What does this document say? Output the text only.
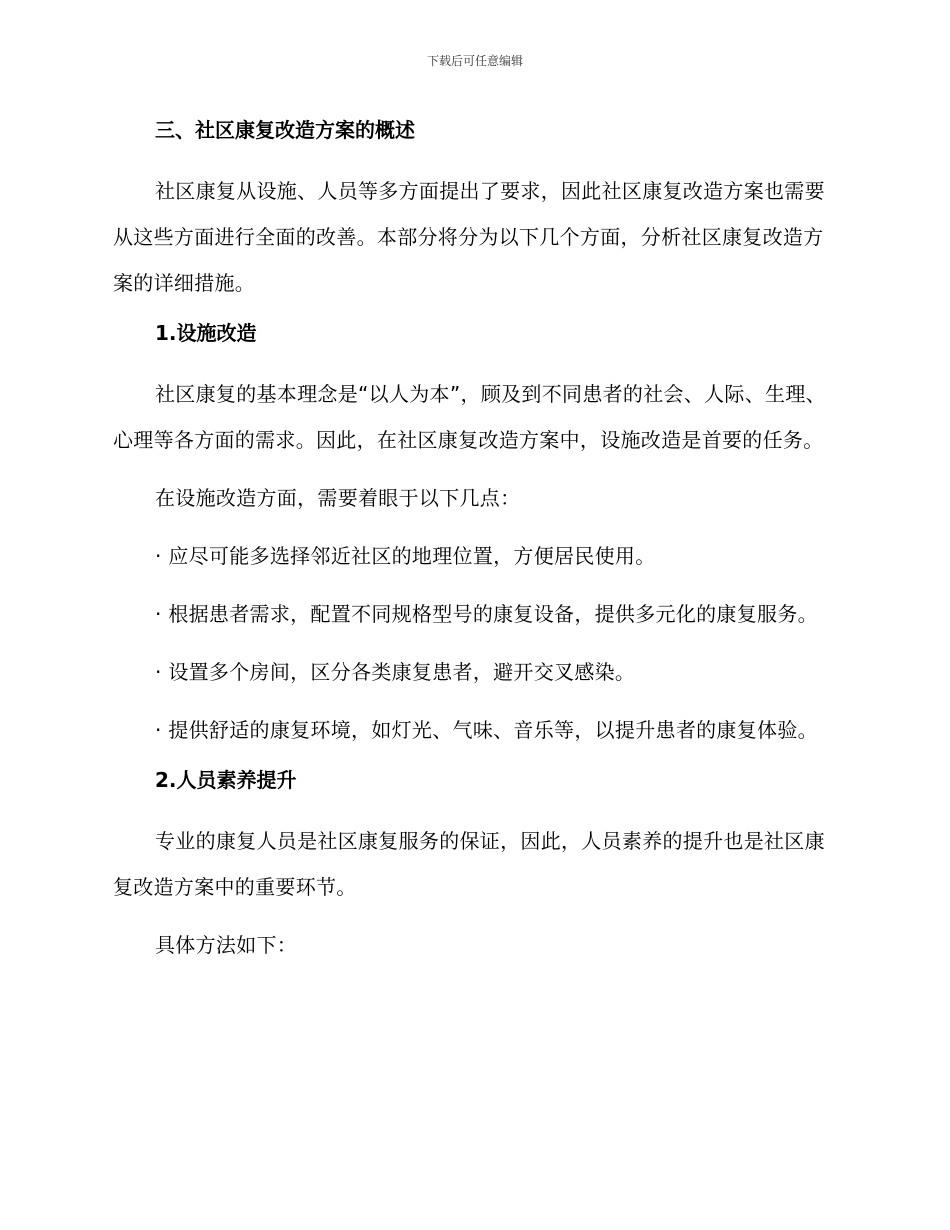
下载后可任意编辑
三、社区康复改造方案的概述
社区康复从设施、人员等多方面提出了要求，因此社区康复改造方案也需要从这些方面进行全面的改善。本部分将分为以下几个方面，分析社区康复改造方案的详细措施。
1.设施改造
社区康复的基本理念是“以人为本”，顾及到不同患者的社会、人际、生理、心理等各方面的需求。因此，在社区康复改造方案中，设施改造是首要的任务。
在设施改造方面，需要着眼于以下几点：
· 应尽可能多选择邻近社区的地理位置，方便居民使用。
· 根据患者需求，配置不同规格型号的康复设备，提供多元化的康复服务。
· 设置多个房间，区分各类康复患者，避开交叉感染。
· 提供舒适的康复环境，如灯光、气味、音乐等，以提升患者的康复体验。
2.人员素养提升
专业的康复人员是社区康复服务的保证，因此，人员素养的提升也是社区康复改造方案中的重要环节。
具体方法如下：
